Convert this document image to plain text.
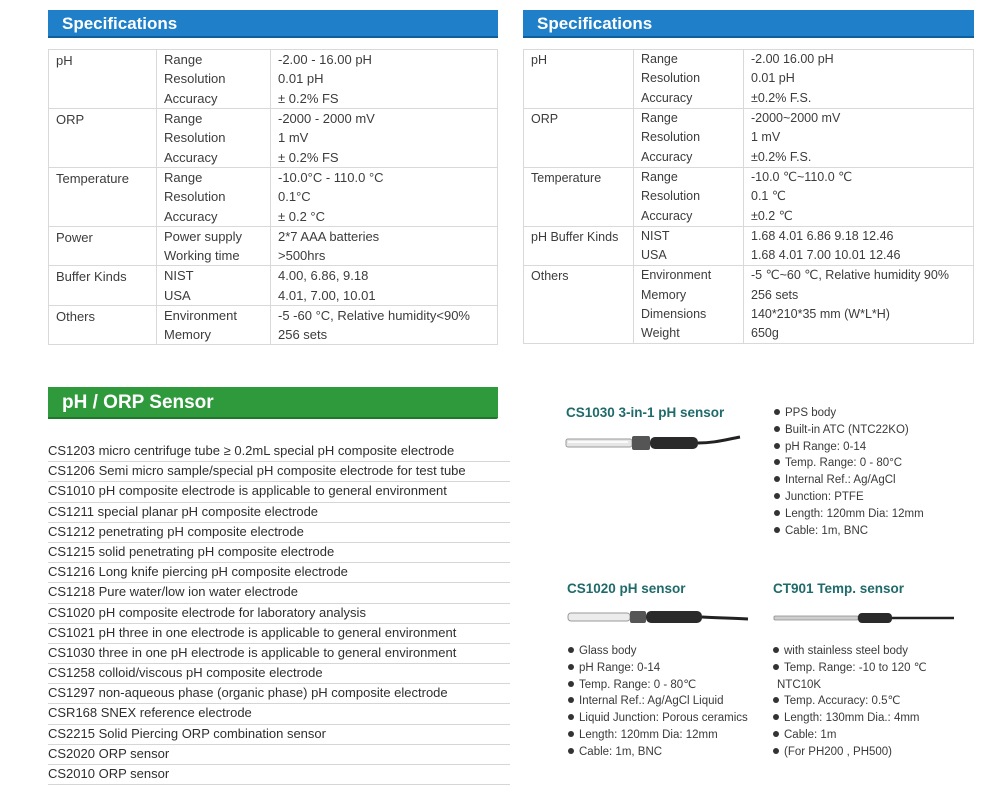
Specifications
pH	Range	-2.00 - 16.00 pH
	Resolution	0.01 pH
	Accuracy	± 0.2% FS
ORP	Range	-2000 - 2000 mV
	Resolution	1 mV
	Accuracy	± 0.2% FS
Temperature	Range	-10.0°C - 110.0 °C
	Resolution	0.1°C
	Accuracy	± 0.2 °C
Power	Power supply	2*7 AAA batteries
	Working time	>500hrs
Buffer Kinds	NIST	4.00, 6.86, 9.18
	USA	4.01, 7.00, 10.01
Others	Environment	-5 -60 °C, Relative humidity<90%
	Memory	256 sets
Specifications
pH	Range	-2.00 16.00 pH
	Resolution	0.01 pH
	Accuracy	±0.2% F.S.
ORP	Range	-2000~2000 mV
	Resolution	1 mV
	Accuracy	±0.2% F.S.
Temperature	Range	-10.0 ℃~110.0 ℃
	Resolution	0.1 ℃
	Accuracy	±0.2 ℃
pH Buffer Kinds	NIST	1.68 4.01 6.86 9.18 12.46
	USA	1.68 4.01 7.00 10.01 12.46
Others	Environment	-5 ℃~60 ℃, Relative humidity 90%
	Memory	256 sets
	Dimensions	140*210*35 mm (W*L*H)
	Weight	650g
pH / ORP Sensor
CS1203 micro centrifuge tube ≥ 0.2mL special pH composite electrode
CS1206 Semi micro sample/special pH composite electrode for test tube
CS1010 pH composite electrode is applicable to general environment
CS1211 special planar pH composite electrode
CS1212 penetrating pH composite electrode
CS1215 solid penetrating pH composite electrode
CS1216 Long knife piercing pH composite electrode
CS1218 Pure water/low ion water electrode
CS1020 pH composite electrode for laboratory analysis
CS1021 pH three in one electrode is applicable to general environment
CS1030 three in one pH electrode is applicable to general environment
CS1258 colloid/viscous pH composite electrode
CS1297 non-aqueous phase (organic phase) pH composite electrode
CSR168 SNEX reference electrode
CS2215 Solid Piercing ORP combination sensor
CS2020 ORP sensor
CS2010 ORP sensor
CS1030 3-in-1 pH sensor	PPS body
Built-in ATC (NTC22KO)
pH Range: 0-14
Temp. Range: 0 - 80°C
Internal Ref.: Ag/AgCl
Junction: PTFE
Length: 120mm Dia: 12mm
Cable: 1m, BNC
CS1020 pH sensor
Glass body
pH Range: 0-14
Temp. Range: 0 - 80℃
Internal Ref.: Ag/AgCl Liquid
Liquid Junction: Porous ceramics
Length: 120mm Dia: 12mm
Cable: 1m, BNC
CT901 Temp. sensor
with stainless steel body
Temp. Range: -10 to 120 ℃
NTC10K
Temp. Accuracy: 0.5℃
Length: 130mm Dia.: 4mm
Cable: 1m
(For PH200 , PH500)
